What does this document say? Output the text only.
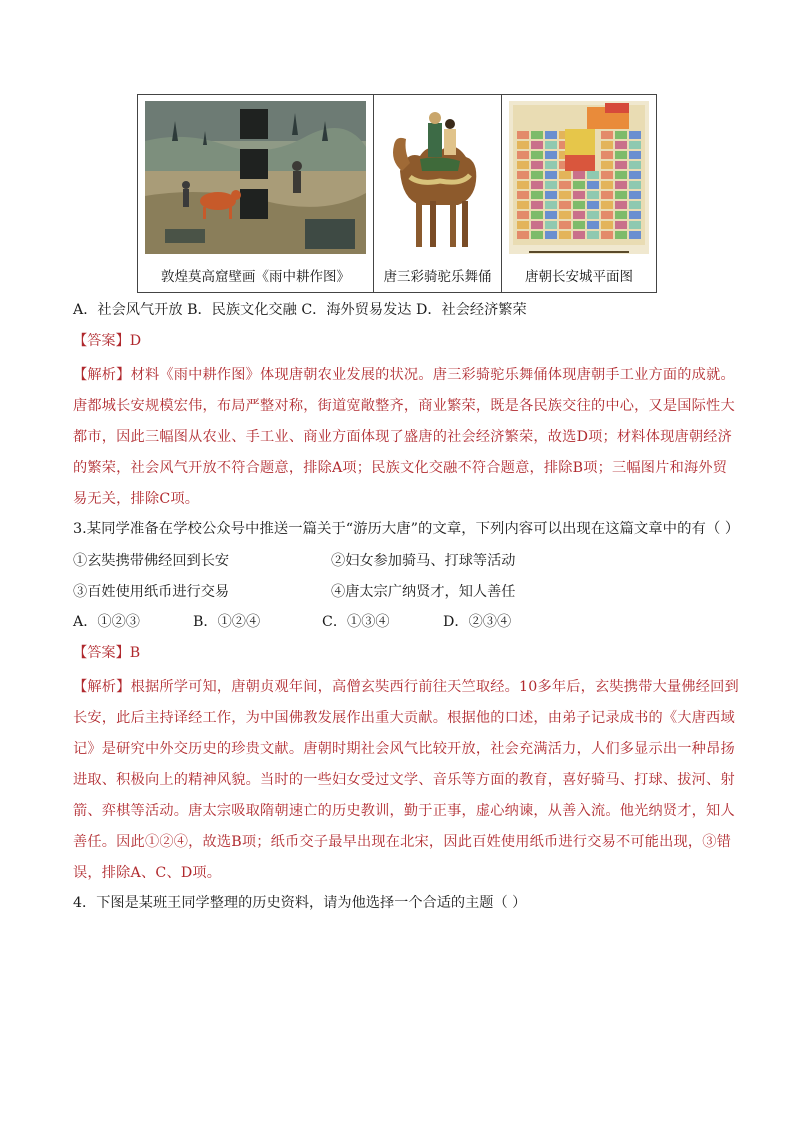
敦煌莫高窟壁画《雨中耕作图》	唐三彩骑驼乐舞俑	唐朝长安城平面图
A．社会风气开放 B．民族文化交融 C．海外贸易发达 D．社会经济繁荣
【答案】D
【解析】材料《雨中耕作图》体现唐朝农业发展的状况。唐三彩骑驼乐舞俑体现唐朝手工业方面的成就。
唐都城长安规模宏伟，布局严整对称，街道宽敞整齐，商业繁荣，既是各民族交往的中心，又是国际性大
都市，因此三幅图从农业、手工业、商业方面体现了盛唐的社会经济繁荣，故选D项；材料体现唐朝经济
的繁荣，社会风气开放不符合题意，排除A项；民族文化交融不符合题意，排除B项；三幅图片和海外贸
易无关，排除C项。
3.某同学准备在学校公众号中推送一篇关于“游历大唐”的文章，下列内容可以出现在这篇文章中的有（ ）
①玄奘携带佛经回到长安	②妇女参加骑马、打球等活动
③百姓使用纸币进行交易	④唐太宗广纳贤才，知人善任
A．①②③	B．①②④	C．①③④	D．②③④
【答案】B
【解析】根据所学可知，唐朝贞观年间，高僧玄奘西行前往天竺取经。10多年后，玄奘携带大量佛经回到
长安，此后主持译经工作，为中国佛教发展作出重大贡献。根据他的口述，由弟子记录成书的《大唐西域
记》是研究中外交历史的珍贵文献。唐朝时期社会风气比较开放，社会充满活力，人们多显示出一种昂扬
进取、积极向上的精神风貌。当时的一些妇女受过文学、音乐等方面的教育，喜好骑马、打球、拔河、射
箭、弈棋等活动。唐太宗吸取隋朝速亡的历史教训，勤于正事，虚心纳谏，从善入流。他光纳贤才，知人
善任。因此①②④，故选B项；纸币交子最早出现在北宋，因此百姓使用纸币进行交易不可能出现，③错
误，排除A、C、D项。
4．下图是某班王同学整理的历史资料，请为他选择一个合适的主题（ ）
